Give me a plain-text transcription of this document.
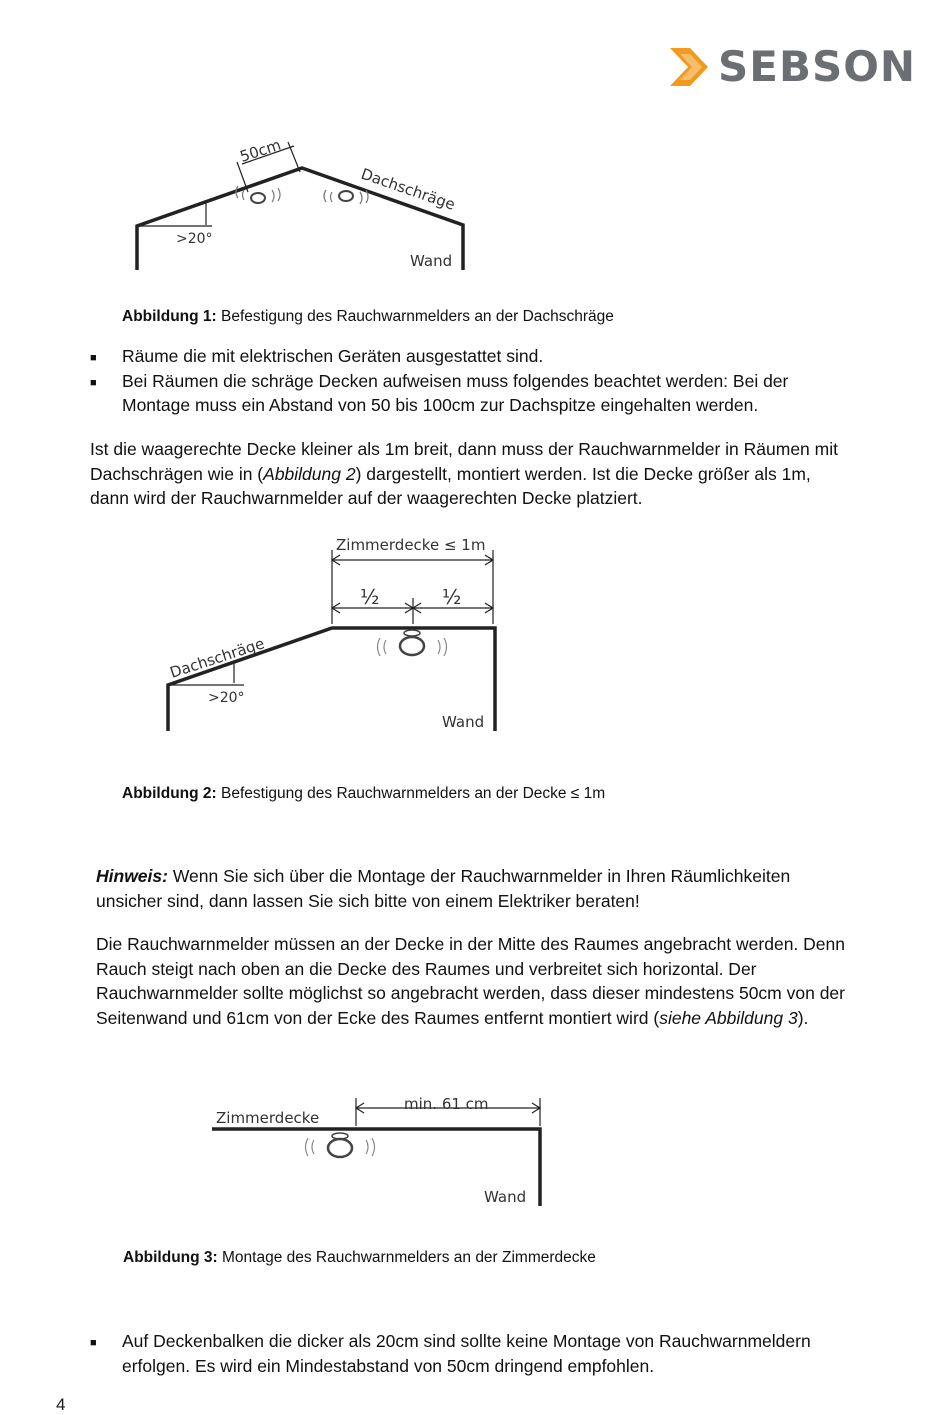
SEBSON
50cm
Dachschräge
>20°
Wand
Abbildung 1: Befestigung des Rauchwarnmelders an der Dachschräge
■ Räume die mit elektrischen Geräten ausgestattet sind.
■ Bei Räumen die schräge Decken aufweisen muss folgendes beachtet werden: Bei der
Montage muss ein Abstand von 50 bis 100cm zur Dachspitze eingehalten werden.
Ist die waagerechte Decke kleiner als 1m breit, dann muss der Rauchwarnmelder in Räumen mit
Dachschrägen wie in (Abbildung 2) dargestellt, montiert werden. Ist die Decke größer als 1m,
dann wird der Rauchwarnmelder auf der waagerechten Decke platziert.
Zimmerdecke ≤ 1m
½	½
Dachschräge
>20°
Wand
Abbildung 2: Befestigung des Rauchwarnmelders an der Decke ≤ 1m
Hinweis: Wenn Sie sich über die Montage der Rauchwarnmelder in Ihren Räumlichkeiten
unsicher sind, dann lassen Sie sich bitte von einem Elektriker beraten!
Die Rauchwarnmelder müssen an der Decke in der Mitte des Raumes angebracht werden. Denn
Rauch steigt nach oben an die Decke des Raumes und verbreitet sich horizontal. Der
Rauchwarnmelder sollte möglichst so angebracht werden, dass dieser mindestens 50cm von der
Seitenwand und 61cm von der Ecke des Raumes entfernt montiert wird (siehe Abbildung 3).
Zimmerdecke
min. 61 cm
Wand
Abbildung 3: Montage des Rauchwarnmelders an der Zimmerdecke
■ Auf Deckenbalken die dicker als 20cm sind sollte keine Montage von Rauchwarnmeldern
erfolgen. Es wird ein Mindestabstand von 50cm dringend empfohlen.
4
